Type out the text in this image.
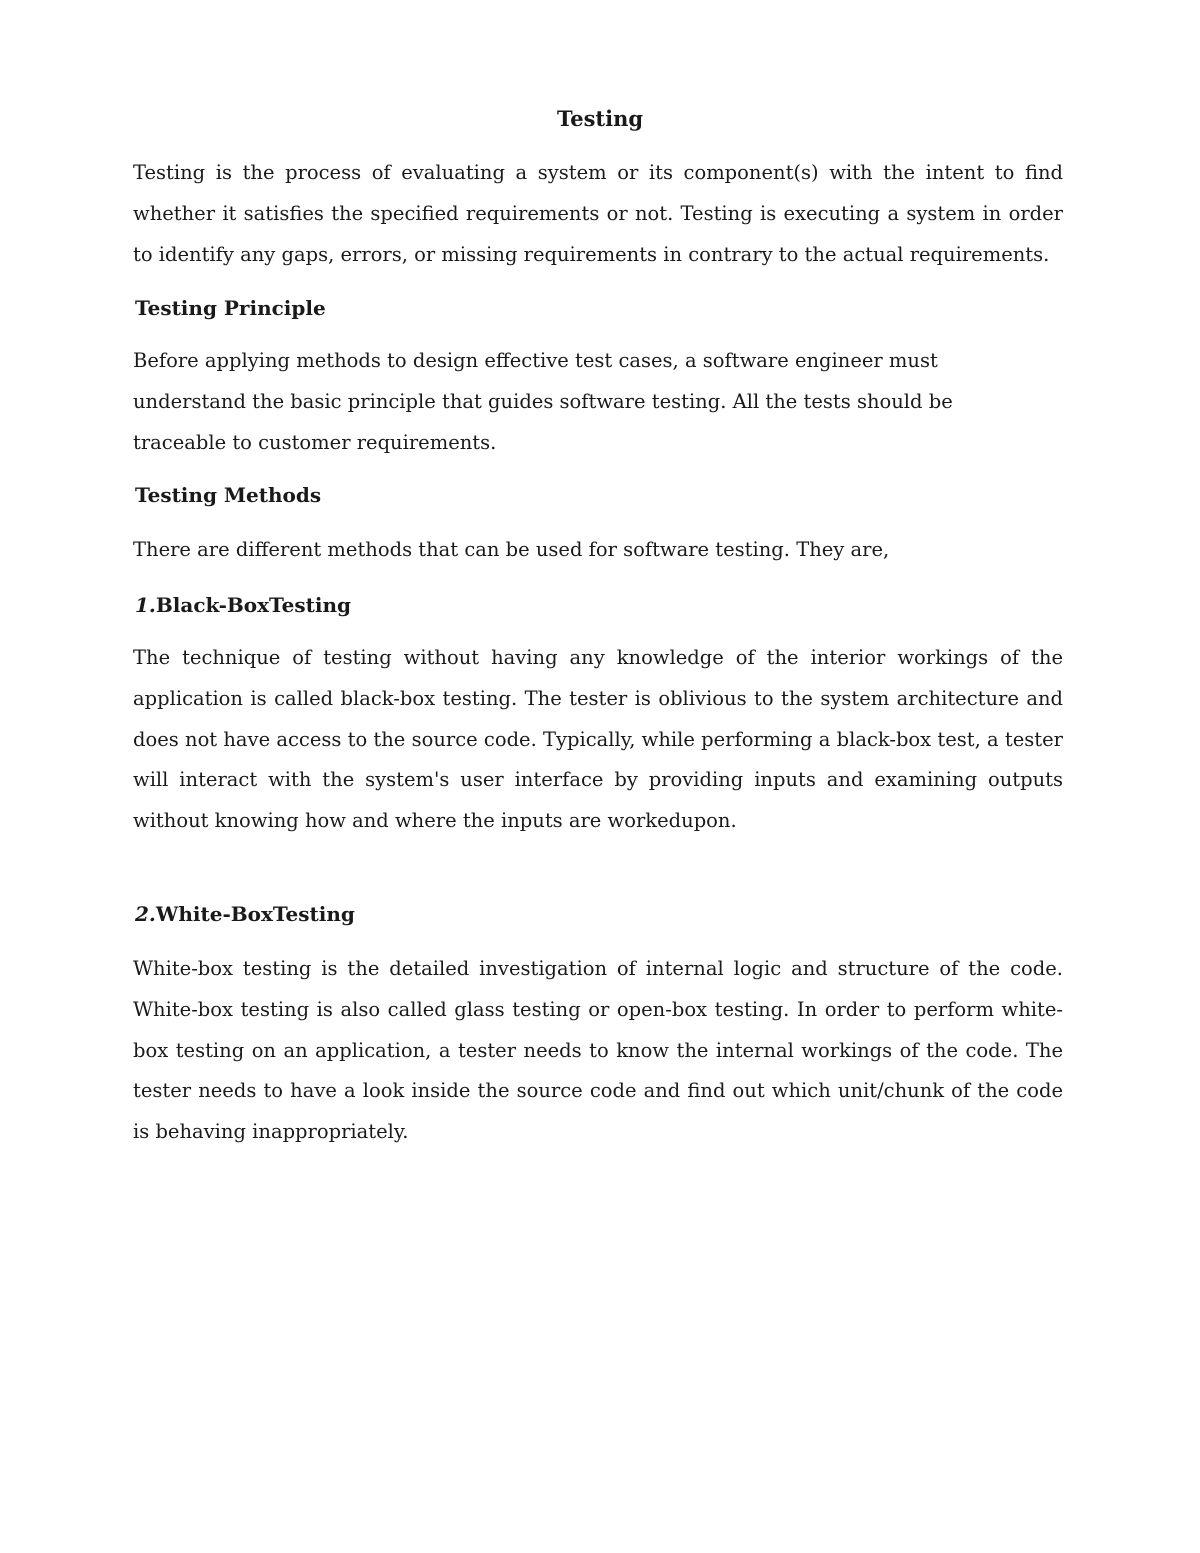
Testing

Testing is the process of evaluating a system or its component(s) with the intent to find whether it satisfies the specified requirements or not. Testing is executing a system in order to identify any gaps, errors, or missing requirements in contrary to the actual requirements.

Testing Principle

Before applying methods to design effective test cases, a software engineer must understand the basic principle that guides software testing. All the tests should be traceable to customer requirements.

Testing Methods

There are different methods that can be used for software testing. They are,

1.Black-BoxTesting

The technique of testing without having any knowledge of the interior workings of the application is called black-box testing. The tester is oblivious to the system architecture and does not have access to the source code. Typically, while performing a black-box test, a tester will interact with the system's user interface by providing inputs and examining outputs without knowing how and where the inputs are workedupon.

2.White-BoxTesting

White-box testing is the detailed investigation of internal logic and structure of the code. White-box testing is also called glass testing or open-box testing. In order to perform white-box testing on an application, a tester needs to know the internal workings of the code. The tester needs to have a look inside the source code and find out which unit/chunk of the code is behaving inappropriately.
